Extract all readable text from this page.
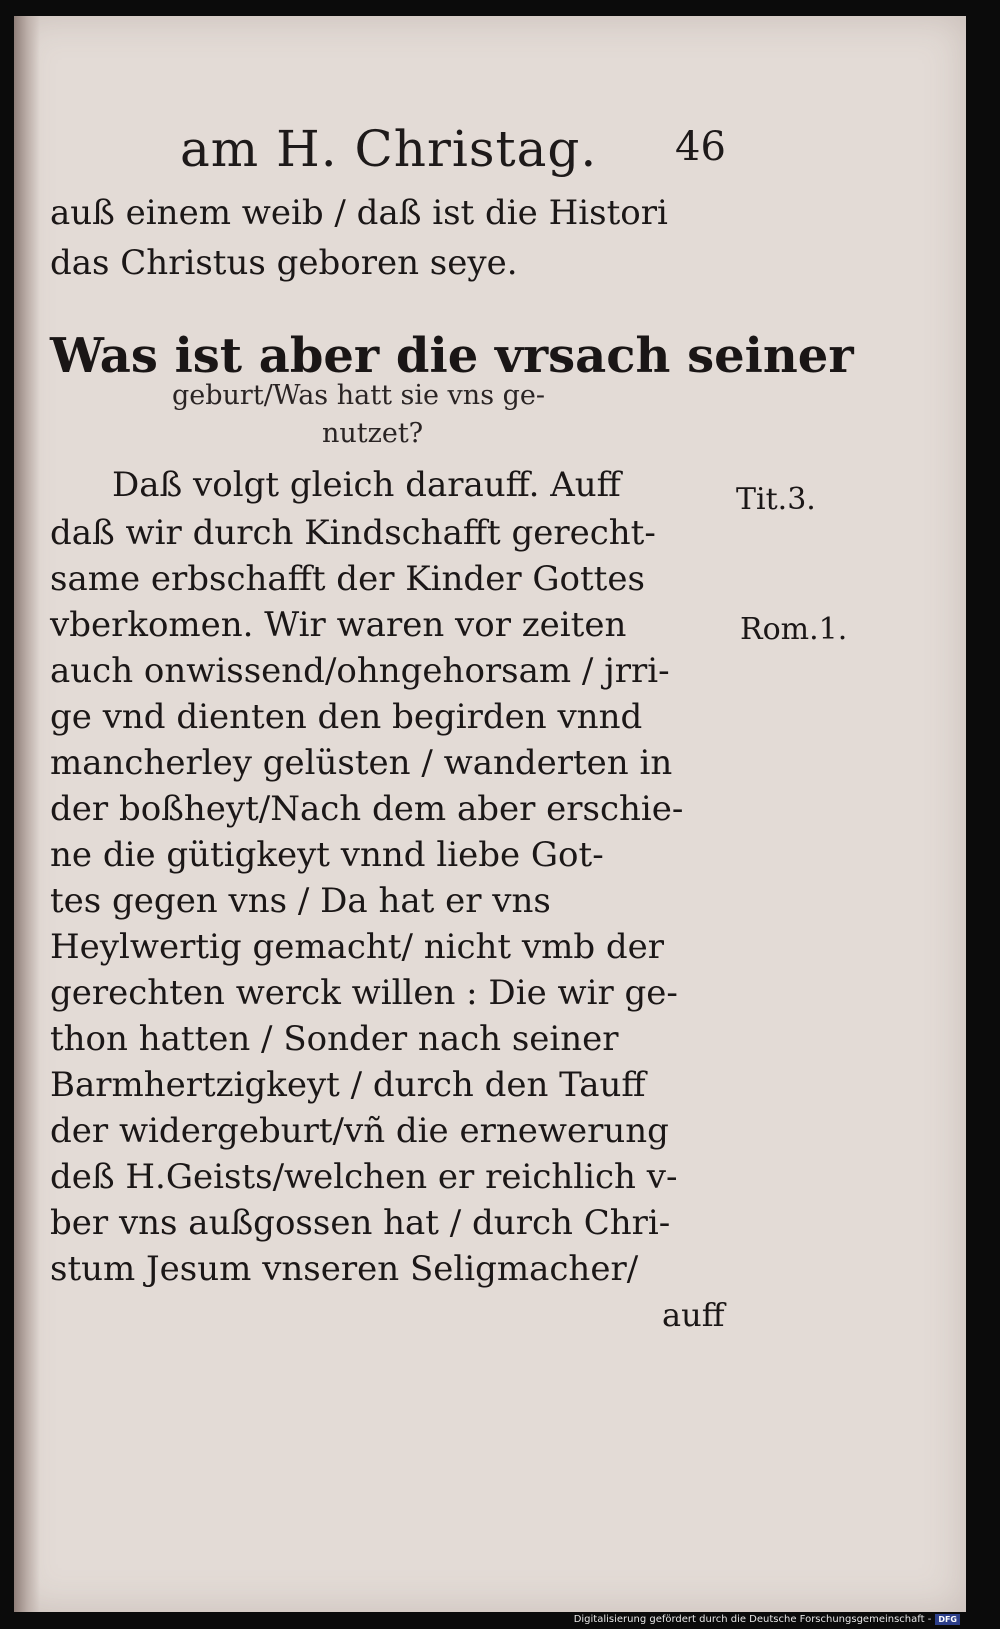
am H. Christag. 46
auß einem weib / daß ist die Histori
das Christus geboren seye.
Was ist aber die vrsach seiner
geburt/Was hatt sie vns ge-
nutzet?
Daß volgt gleich darauff. Auff
daß wir durch Kindschafft gerecht-
same erbschafft der Kinder Gottes
vberkomen. Wir waren vor zeiten
auch onwissend/ohngehorsam / jrri-
ge vnd dienten den begirden vnnd
mancherley gelüsten / wanderten in
der boßheyt/Nach dem aber erschie-
ne die gütigkeyt vnnd liebe Got-
tes gegen vns / Da hat er vns
Heylwertig gemacht/ nicht vmb der
gerechten werck willen : Die wir ge-
thon hatten / Sonder nach seiner
Barmhertzigkeyt / durch den Tauff
der widergeburt/vñ die ernewerung
deß H.Geists/welchen er reichlich v-
ber vns außgossen hat / durch Chri-
stum Jesum vnseren Seligmacher/
Tit.3.
Rom.1.
auff
Digitalisierung gefördert durch die Deutsche Forschungsgemeinschaft - DFG
